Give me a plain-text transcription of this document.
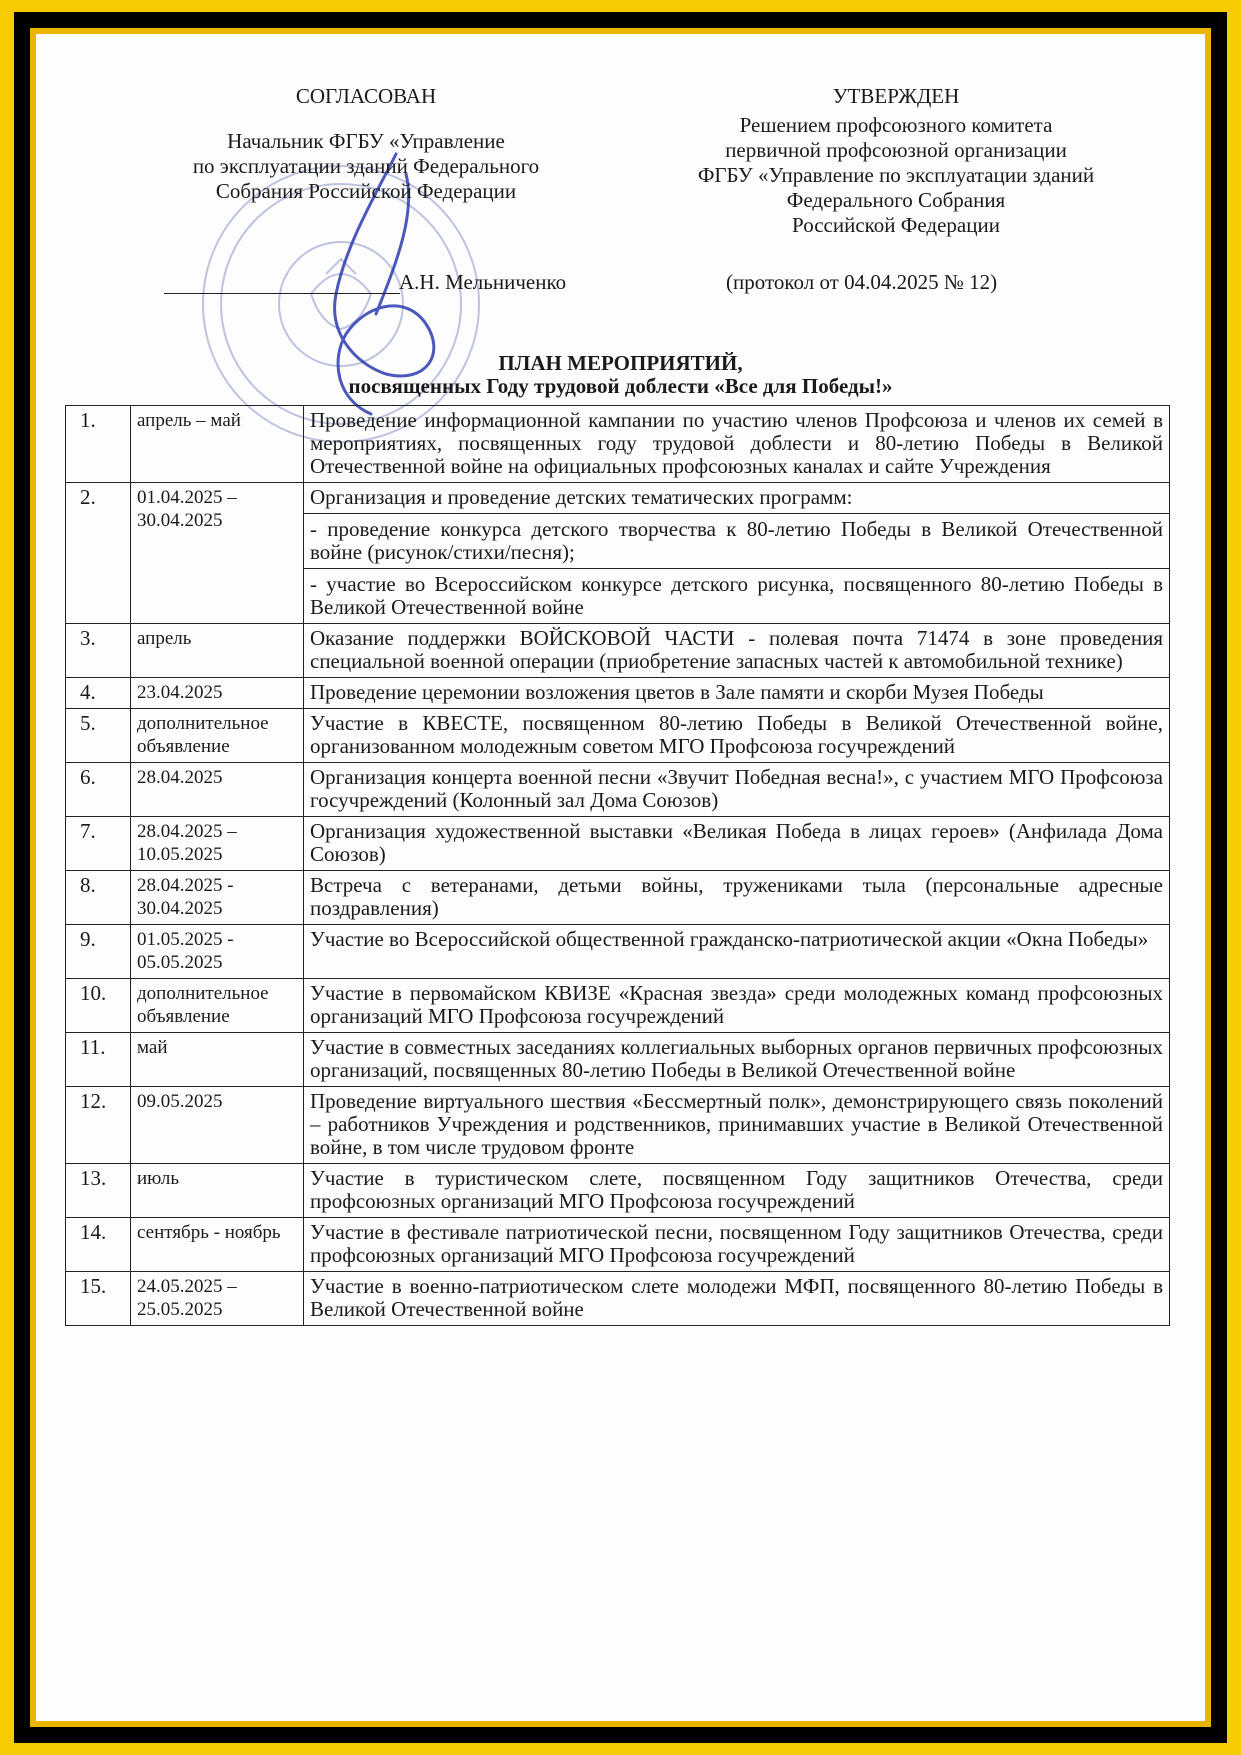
СОГЛАСОВАН
Начальник ФГБУ «Управление
по эксплуатации зданий Федерального
Собрания Российской Федерации
А.Н. Мельниченко
УТВЕРЖДЕН
Решением профсоюзного комитета
первичной профсоюзной организации
ФГБУ «Управление по эксплуатации зданий
Федерального Собрания
Российской Федерации
(протокол от 04.04.2025 № 12)
ПЛАН МЕРОПРИЯТИЙ,
посвященных Году трудовой доблести «Все для Победы!»
1.	апрель – май	Проведение информационной кампании по участию членов Профсоюза и членов их семей в мероприятиях, посвященных году трудовой доблести и 80-летию Победы в Великой Отечественной войне на официальных профсоюзных каналах и сайте Учреждения

2.	01.04.2025 – 30.04.2025	Организация и проведение детских тематических программ:
- проведение конкурса детского творчества к 80-летию Победы в Великой Отечественной войне (рисунок/стихи/песня);
- участие во Всероссийском конкурсе детского рисунка, посвященного 80-летию Победы в Великой Отечественной войне

3.	апрель	Оказание поддержки ВОЙСКОВОЙ ЧАСТИ - полевая почта 71474 в зоне проведения специальной военной операции (приобретение запасных частей к автомобильной технике)

4.	23.04.2025	Проведение церемонии возложения цветов в Зале памяти и скорби Музея Победы

5.	дополнительное объявление	Участие в КВЕСТЕ, посвященном 80-летию Победы в Великой Отечественной войне, организованном молодежным советом МГО Профсоюза госучреждений

6.	28.04.2025	Организация концерта военной песни «Звучит Победная весна!», с участием МГО Профсоюза госучреждений (Колонный зал Дома Союзов)

7.	28.04.2025 – 10.05.2025	Организация художественной выставки «Великая Победа в лицах героев» (Анфилада Дома Союзов)

8.	28.04.2025 - 30.04.2025	Встреча с ветеранами, детьми войны, тружениками тыла (персональные адресные поздравления)

9.	01.05.2025 - 05.05.2025	Участие во Всероссийской общественной гражданско-патриотической акции «Окна Победы»

10.	дополнительное объявление	Участие в первомайском КВИЗЕ «Красная звезда» среди молодежных команд профсоюзных организаций МГО Профсоюза госучреждений

11.	май	Участие в совместных заседаниях коллегиальных выборных органов первичных профсоюзных организаций, посвященных 80-летию Победы в Великой Отечественной войне

12.	09.05.2025	Проведение виртуального шествия «Бессмертный полк», демонстрирующего связь поколений – работников Учреждения и родственников, принимавших участие в Великой Отечественной войне, в том числе трудовом фронте

13.	июль	Участие в туристическом слете, посвященном Году защитников Отечества, среди профсоюзных организаций МГО Профсоюза госучреждений

14.	сентябрь - ноябрь	Участие в фестивале патриотической песни, посвященном Году защитников Отечества, среди профсоюзных организаций МГО Профсоюза госучреждений

15.	24.05.2025 – 25.05.2025	Участие в военно-патриотическом слете молодежи МФП, посвященного 80-летию Победы в Великой Отечественной войне
